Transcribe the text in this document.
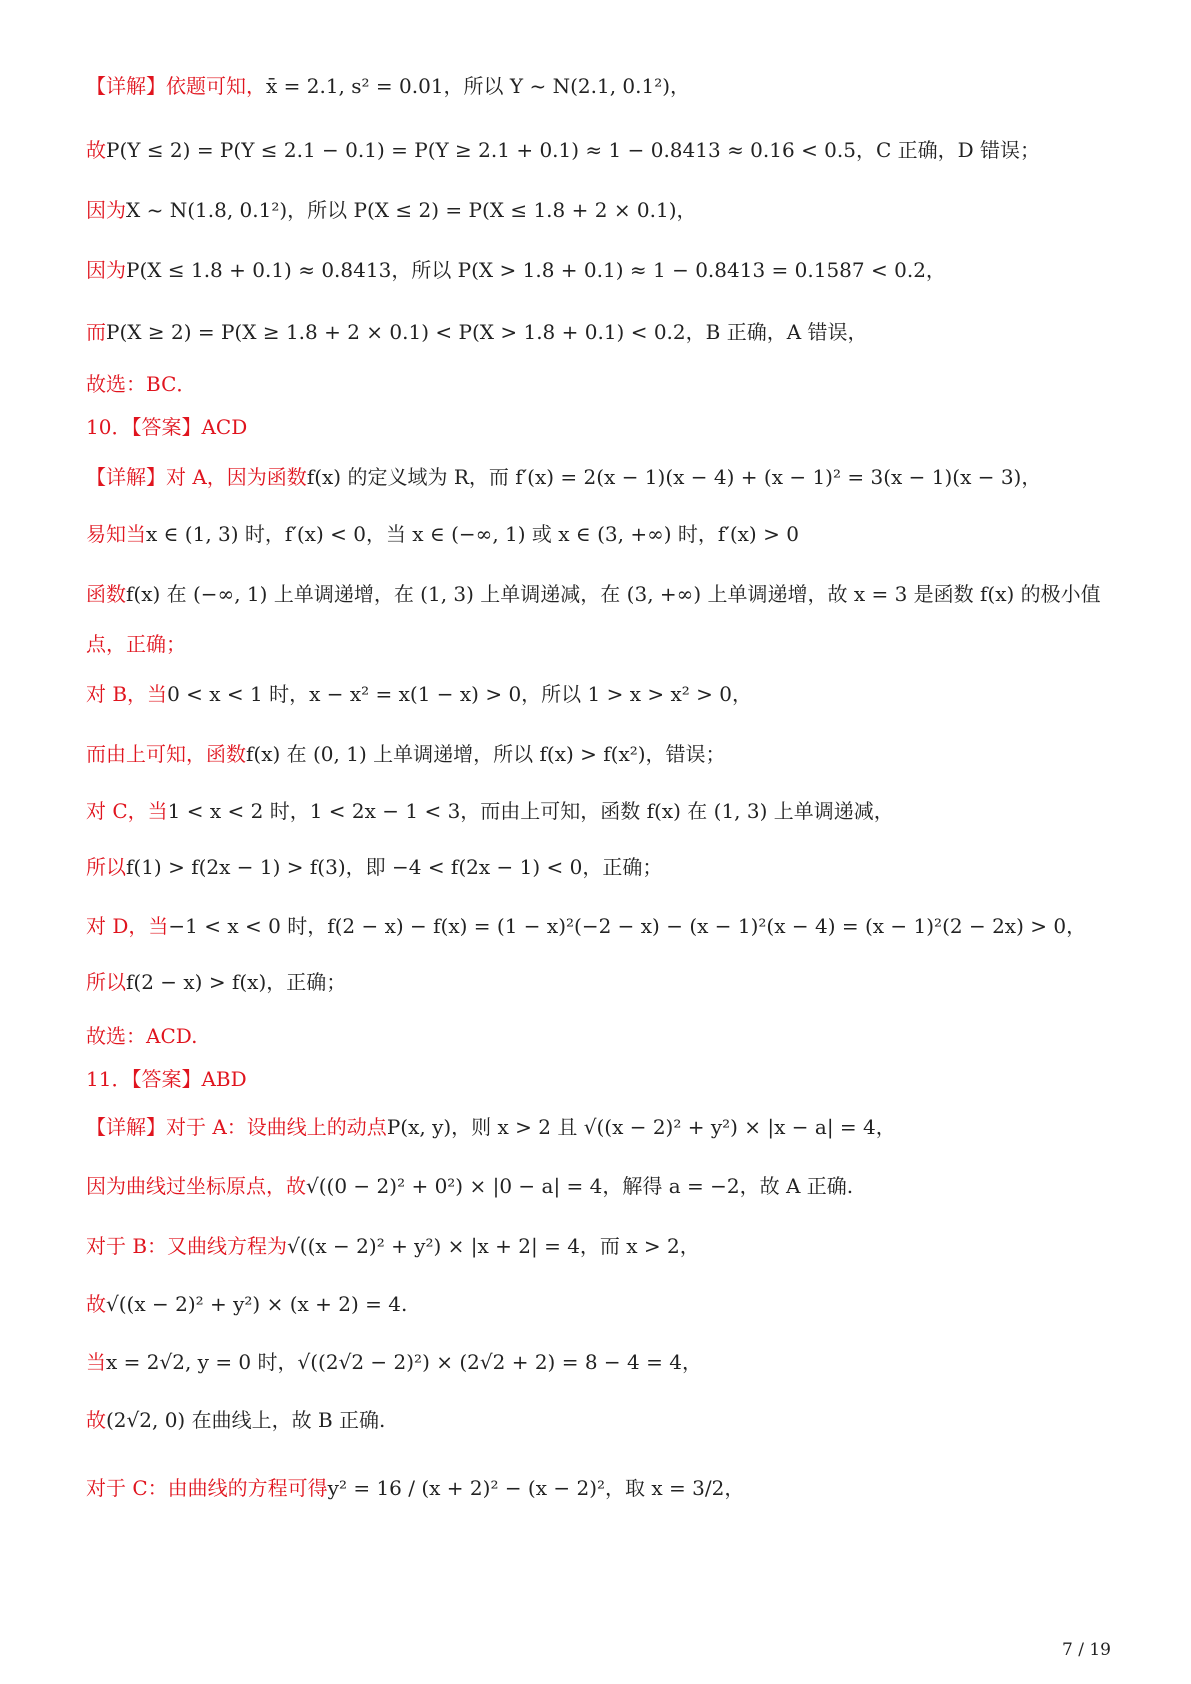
【详解】依题可知，x̄ = 2.1, s² = 0.01，所以 Y ~ N(2.1, 0.1²)，
故P(Y ≤ 2) = P(Y ≤ 2.1 − 0.1) = P(Y ≥ 2.1 + 0.1) ≈ 1 − 0.8413 ≈ 0.16 < 0.5，C 正确，D 错误；
因为X ~ N(1.8, 0.1²)，所以 P(X ≤ 2) = P(X ≤ 1.8 + 2 × 0.1)，
因为P(X ≤ 1.8 + 0.1) ≈ 0.8413，所以 P(X > 1.8 + 0.1) ≈ 1 − 0.8413 = 0.1587 < 0.2，
而P(X ≥ 2) = P(X ≥ 1.8 + 2 × 0.1) < P(X > 1.8 + 0.1) < 0.2，B 正确，A 错误，
故选：BC．
10．【答案】ACD
【详解】对 A，因为函数f(x) 的定义域为 R，而 f′(x) = 2(x − 1)(x − 4) + (x − 1)² = 3(x − 1)(x − 3)，
易知当x ∈ (1, 3) 时，f′(x) < 0，当 x ∈ (−∞, 1) 或 x ∈ (3, +∞) 时，f′(x) > 0
函数f(x) 在 (−∞, 1) 上单调递增，在 (1, 3) 上单调递减，在 (3, +∞) 上单调递增，故 x = 3 是函数 f(x) 的极小值
点，正确；
对 B，当0 < x < 1 时，x − x² = x(1 − x) > 0，所以 1 > x > x² > 0，
而由上可知，函数f(x) 在 (0, 1) 上单调递增，所以 f(x) > f(x²)，错误；
对 C，当1 < x < 2 时，1 < 2x − 1 < 3，而由上可知，函数 f(x) 在 (1, 3) 上单调递减，
所以f(1) > f(2x − 1) > f(3)，即 −4 < f(2x − 1) < 0，正确；
对 D，当−1 < x < 0 时，f(2 − x) − f(x) = (1 − x)²(−2 − x) − (x − 1)²(x − 4) = (x − 1)²(2 − 2x) > 0，
所以f(2 − x) > f(x)，正确；
故选：ACD.
11．【答案】ABD
【详解】对于 A：设曲线上的动点P(x, y)，则 x > 2 且 √((x − 2)² + y²) × |x − a| = 4，
因为曲线过坐标原点，故√((0 − 2)² + 0²) × |0 − a| = 4，解得 a = −2，故 A 正确.
对于 B：又曲线方程为√((x − 2)² + y²) × |x + 2| = 4，而 x > 2，
故√((x − 2)² + y²) × (x + 2) = 4.
当x = 2√2, y = 0 时，√((2√2 − 2)²) × (2√2 + 2) = 8 − 4 = 4，
故(2√2, 0) 在曲线上，故 B 正确.
对于 C：由曲线的方程可得y² = 16 / (x + 2)² − (x − 2)²，取 x = 3/2，
7 / 19
